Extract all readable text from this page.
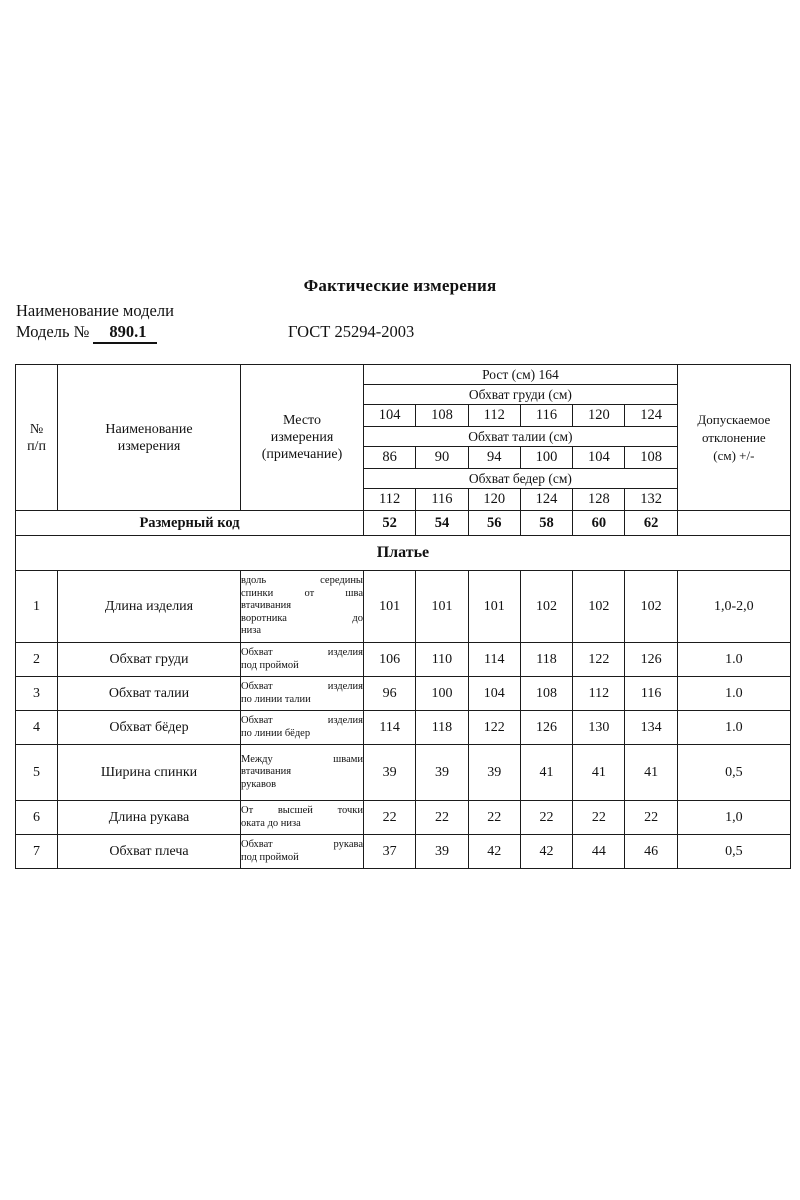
Фактические измерения
Наименование модели
Модель №	890.1	ГОСТ 25294-2003
№
п/п

Наименование
измерения

Место
измерения
(примечание)
	Рост (см) 164	
Допускаемое
отклонение
(см) +/-

			Обхват груди (см)						
			104	108	112	116	120	124	
			Обхват талии (см)						
			86	90	94	100	104	108	
			Обхват бедер (см)						
			112	116	120	124	128	132	
Размерный код			52	54	56	58	60	62	
Платье									
1	Длина изделия	вдоль середины
спинки от шва
втачивания
воротника до
низа	101	101	101	102	102	102	1,0-2,0
2	Обхват груди	Обхват изделия
под проймой	106	110	114	118	122	126	1.0
3	Обхват талии	Обхват изделия
по линии талии	96	100	104	108	112	116	1.0
4	Обхват бёдер	Обхват изделия
по линии бёдер	114	118	122	126	130	134	1.0
5	Ширина спинки	Между швами
втачивания
рукавов	39	39	39	41	41	41	0,5
6	Длина рукава	От высшей точки
оката до низа	22	22	22	22	22	22	1,0
7	Обхват плеча	Обхват рукава
под проймой	37	39	42	42	44	46	0,5
